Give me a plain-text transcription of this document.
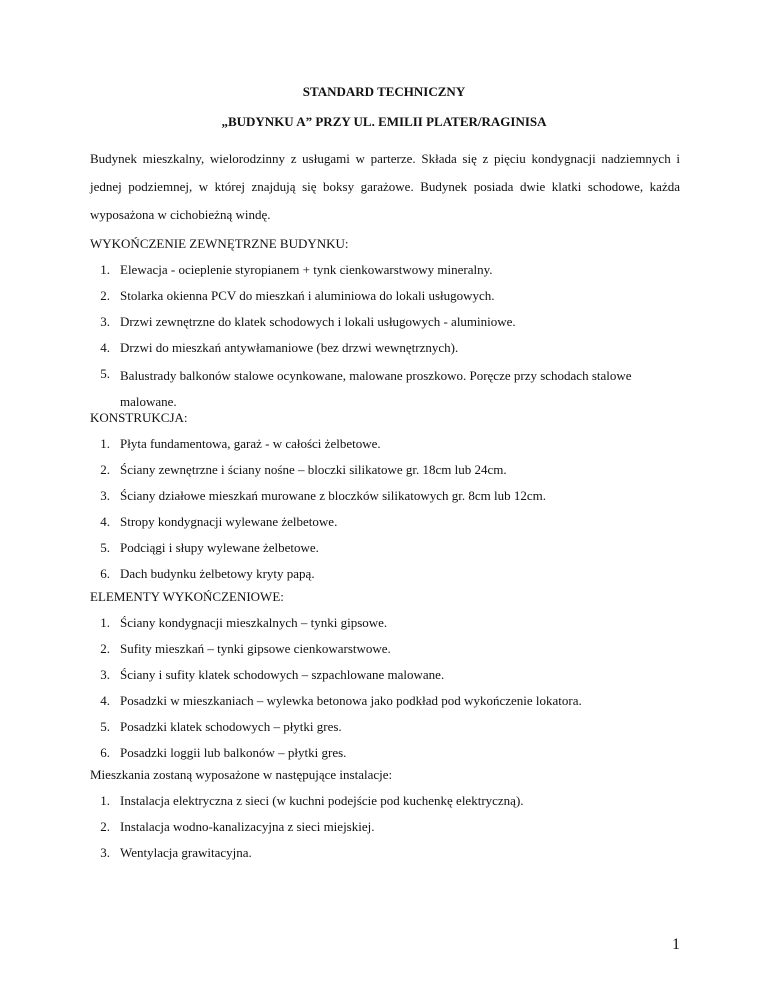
STANDARD TECHNICZNY
„BUDYNKU A” PRZY UL. EMILII PLATER/RAGINISA
Budynek mieszkalny, wielorodzinny z usługami w parterze. Składa się z pięciu kondygnacji nadziemnych i jednej podziemnej, w której znajdują się boksy garażowe. Budynek posiada dwie klatki schodowe, każda wyposażona w cichobieżną windę.
WYKOŃCZENIE ZEWNĘTRZNE BUDYNKU:
1. Elewacja - ocieplenie styropianem + tynk cienkowarstwowy mineralny.
2. Stolarka okienna PCV do mieszkań i aluminiowa do lokali usługowych.
3. Drzwi zewnętrzne do klatek schodowych i lokali usługowych - aluminiowe.
4. Drzwi do mieszkań antywłamaniowe (bez drzwi wewnętrznych).
5. Balustrady balkonów stalowe ocynkowane, malowane proszkowo. Poręcze przy schodach stalowe malowane.
KONSTRUKCJA:
1. Płyta fundamentowa, garaż - w całości żelbetowe.
2. Ściany zewnętrzne i ściany nośne – bloczki silikatowe gr. 18cm lub 24cm.
3. Ściany działowe mieszkań murowane z bloczków silikatowych gr. 8cm lub 12cm.
4. Stropy kondygnacji wylewane żelbetowe.
5. Podciągi i słupy wylewane żelbetowe.
6. Dach budynku żelbetowy kryty papą.
ELEMENTY WYKOŃCZENIOWE:
1. Ściany kondygnacji mieszkalnych – tynki gipsowe.
2. Sufity mieszkań – tynki gipsowe cienkowarstwowe.
3. Ściany i sufity klatek schodowych – szpachlowane malowane.
4. Posadzki w mieszkaniach – wylewka betonowa jako podkład pod wykończenie lokatora.
5. Posadzki klatek schodowych – płytki gres.
6. Posadzki loggii lub balkonów – płytki gres.
Mieszkania zostaną wyposażone w następujące instalacje:
1. Instalacja elektryczna z sieci (w kuchni podejście pod kuchenkę elektryczną).
2. Instalacja wodno-kanalizacyjna z sieci miejskiej.
3. Wentylacja grawitacyjna.
1
